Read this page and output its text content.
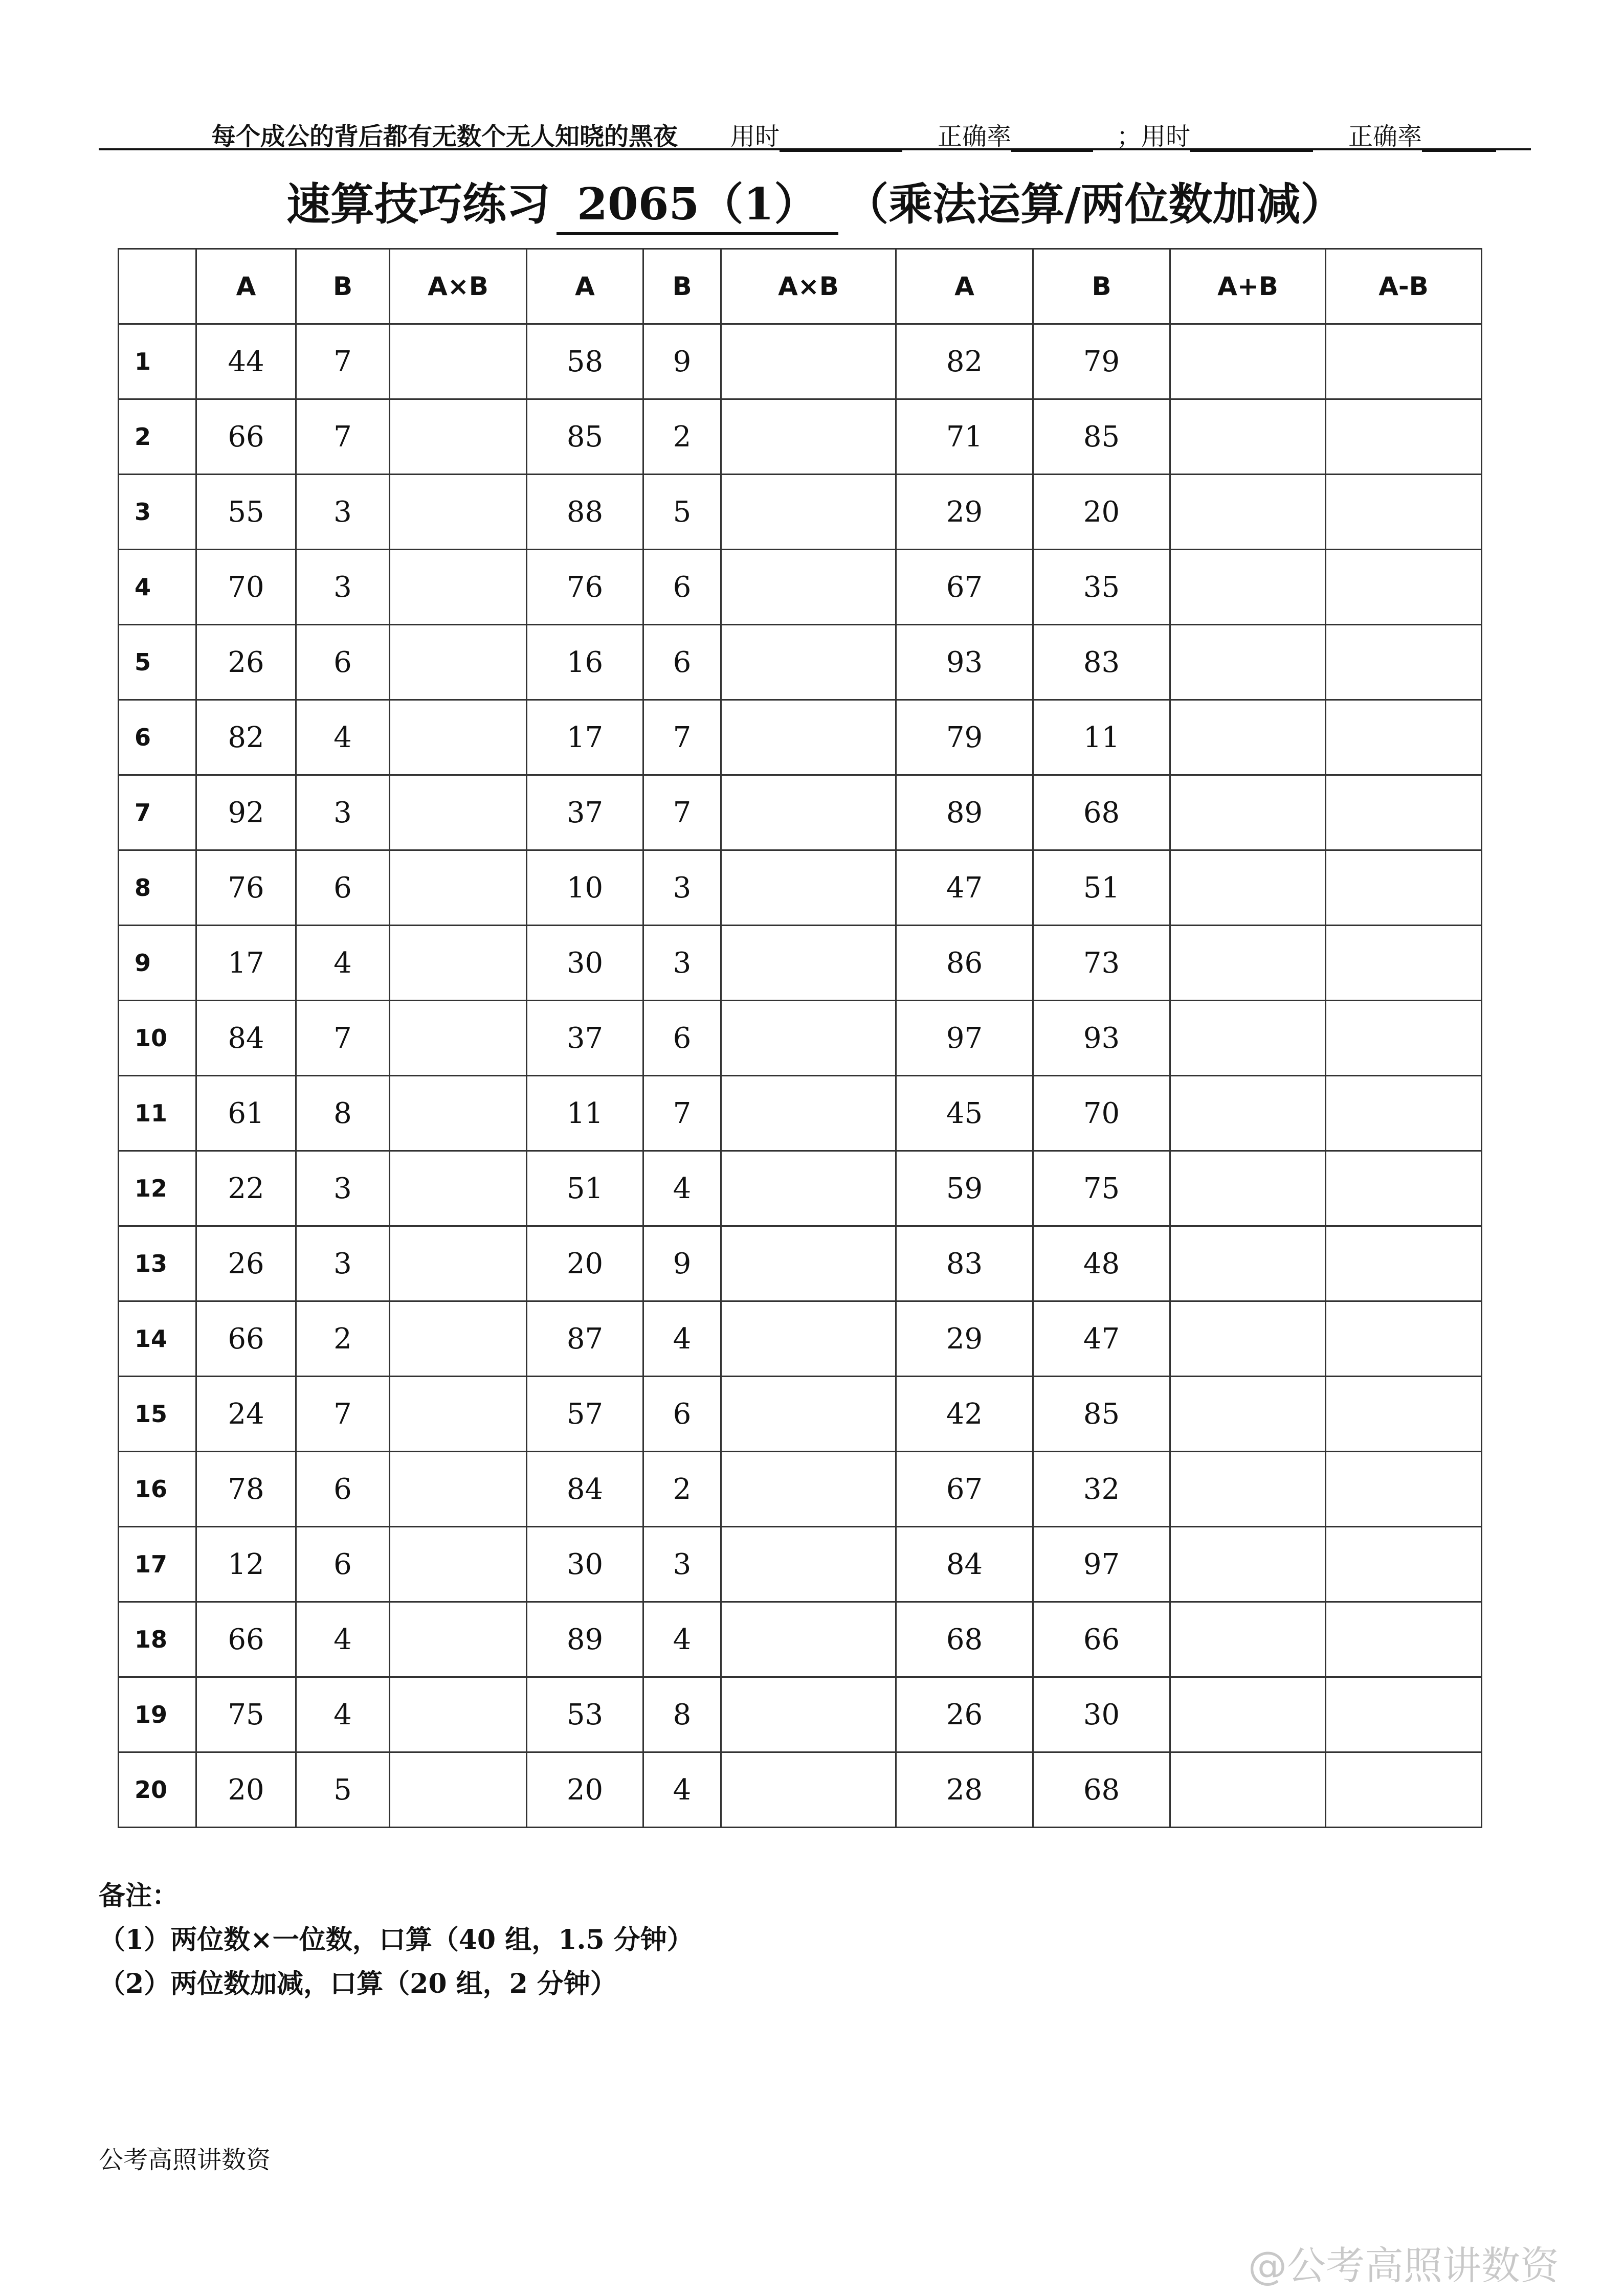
每个成公的背后都有无数个无人知晓的黑夜 用时	正确率	；用时	正确率
速算技巧练习 2065（1） （乘法运算/两位数加减）
	A	B	A×B	A	B	A×B	A	B	A+B	A-B
1	44	7		58	9		82	79		
2	66	7		85	2		71	85		
3	55	3		88	5		29	20		
4	70	3		76	6		67	35		
5	26	6		16	6		93	83		
6	82	4		17	7		79	11		
7	92	3		37	7		89	68		
8	76	6		10	3		47	51		
9	17	4		30	3		86	73		
10	84	7		37	6		97	93		
11	61	8		11	7		45	70		
12	22	3		51	4		59	75		
13	26	3		20	9		83	48		
14	66	2		87	4		29	47		
15	24	7		57	6		42	85		
16	78	6		84	2		67	32		
17	12	6		30	3		84	97		
18	66	4		89	4		68	66		
19	75	4		53	8		26	30		
20	20	5		20	4		28	68		
备注：
（1）两位数×一位数，口算（40 组，1.5 分钟）
（2）两位数加减，口算（20 组，2 分钟）
公考高照讲数资
@公考高照讲数资
